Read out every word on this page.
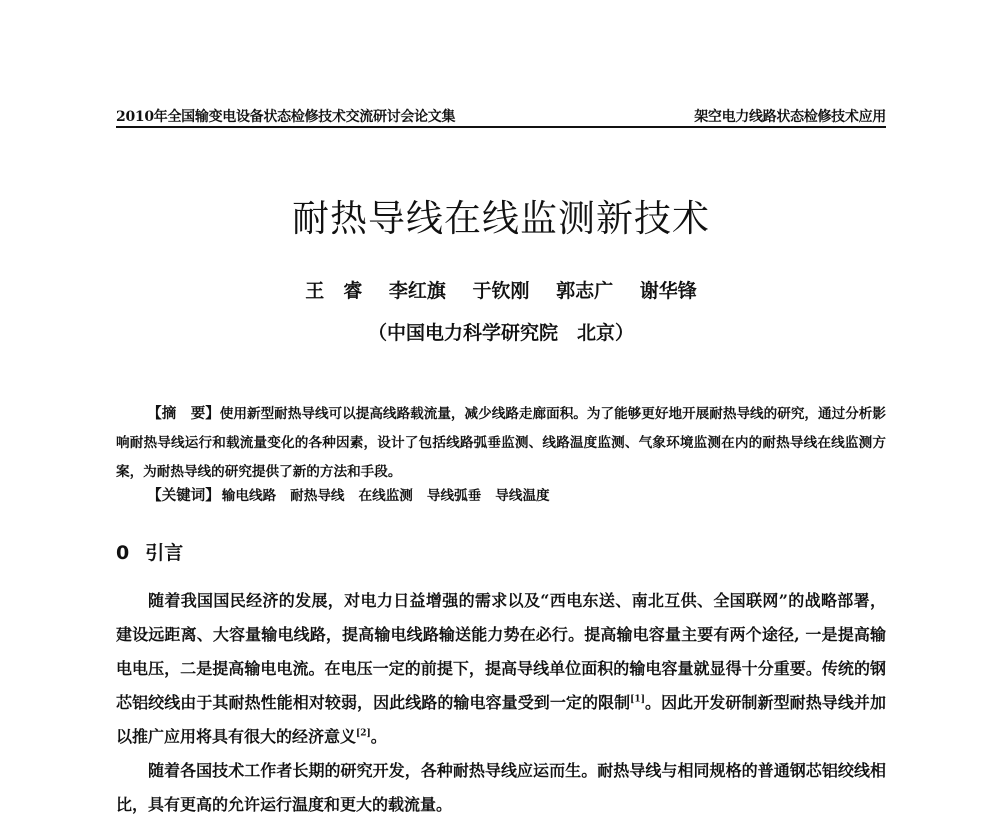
2010年全国输变电设备状态检修技术交流研讨会论文集	架空电力线路状态检修技术应用
耐热导线在线监测新技术
王　睿 李红旗 于钦刚 郭志广 谢华锋
（中国电力科学研究院　北京）
【摘　要】使用新型耐热导线可以提高线路载流量，减少线路走廊面积。为了能够更好地开展耐热导线的研究，通过分析影响耐热导线运行和载流量变化的各种因素，设计了包括线路弧垂监测、线路温度监测、气象环境监测在内的耐热导线在线监测方案，为耐热导线的研究提供了新的方法和手段。
【关键词】 输电线路 耐热导线 在线监测 导线弧垂 导线温度
0 引言

随着我国国民经济的发展，对电力日益增强的需求以及“西电东送、南北互供、全国联网”的战略部署，建设远距离、大容量输电线路，提高输电线路输送能力势在必行。提高输电容量主要有两个途径, 一是提高输电电压，二是提高输电电流。在电压一定的前提下，提高导线单位面积的输电容量就显得十分重要。传统的钢芯铝绞线由于其耐热性能相对较弱，因此线路的输电容量受到一定的限制[1]。因此开发研制新型耐热导线并加以推广应用将具有很大的经济意义[2]。

随着各国技术工作者长期的研究开发，各种耐热导线应运而生。耐热导线与相同规格的普通钢芯铝绞线相比，具有更高的允许运行温度和更大的载流量。
